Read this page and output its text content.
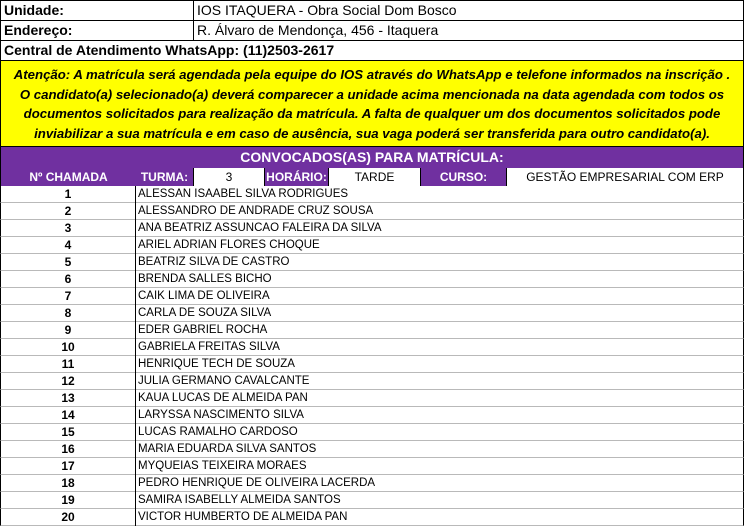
Unidade:	IOS ITAQUERA - Obra Social Dom Bosco
Endereço:	R. Álvaro de Mendonça, 456 - Itaquera
Central de Atendimento WhatsApp: (11)2503-2617
Atenção: A matrícula será agendada pela equipe do IOS através do WhatsApp e telefone informados na inscrição . O candidato(a) selecionado(a) deverá comparecer a unidade acima mencionada na data agendada com todos os documentos solicitados para realização da matrícula. A falta de qualquer um dos documentos solicitados pode inviabilizar a sua matrícula e em caso de ausência, sua vaga poderá ser transferida para outro candidato(a).
CONVOCADOS(AS) PARA MATRÍCULA:
Nº CHAMADA	TURMA:	3	HORÁRIO:	TARDE	CURSO:	GESTÃO EMPRESARIAL COM ERP
1	ALESSAN ISAABEL SILVA RODRIGUES
2	ALESSANDRO DE ANDRADE CRUZ SOUSA
3	ANA BEATRIZ ASSUNCAO FALEIRA DA SILVA
4	ARIEL ADRIAN FLORES CHOQUE
5	BEATRIZ SILVA DE CASTRO
6	BRENDA SALLES BICHO
7	CAIK LIMA DE OLIVEIRA
8	CARLA DE SOUZA SILVA
9	EDER GABRIEL ROCHA
10	GABRIELA FREITAS SILVA
11	HENRIQUE TECH DE SOUZA
12	JULIA GERMANO CAVALCANTE
13	KAUA LUCAS DE ALMEIDA PAN
14	LARYSSA NASCIMENTO SILVA
15	LUCAS RAMALHO CARDOSO
16	MARIA EDUARDA SILVA SANTOS
17	MYQUEIAS TEIXEIRA MORAES
18	PEDRO HENRIQUE DE OLIVEIRA LACERDA
19	SAMIRA ISABELLY ALMEIDA SANTOS
20	VICTOR HUMBERTO DE ALMEIDA PAN
